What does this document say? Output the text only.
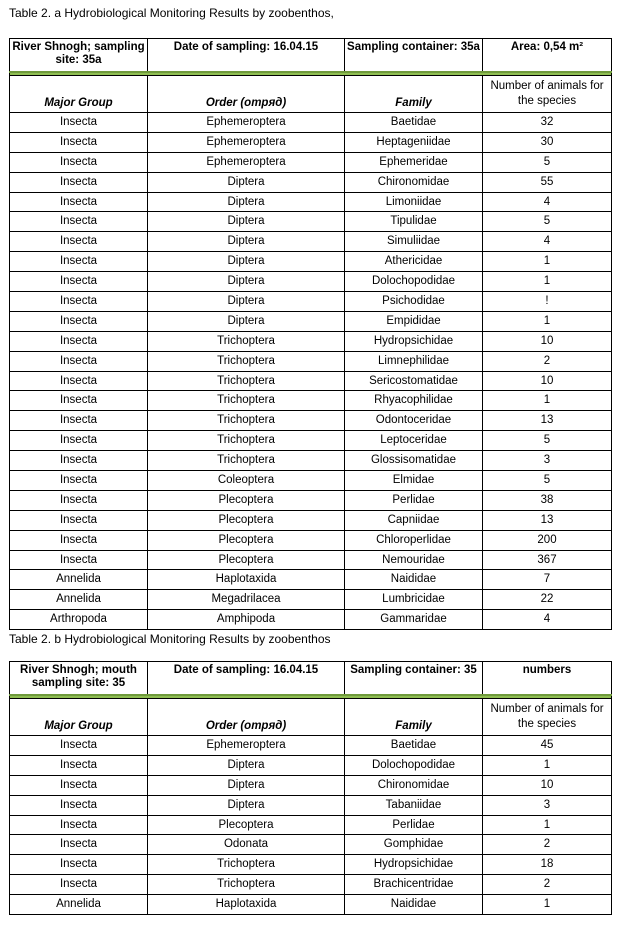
Table 2. a Hydrobiological Monitoring Results by zoobenthos,
River Shnogh; sampling site: 35a	Date of sampling: 16.04.15	Sampling container: 35a	Area: 0,54 m²

Major Group	Order (отряд)	Family	Number of animals for the species
Insecta	Ephemeroptera	Baetidae	32
Insecta	Ephemeroptera	Heptageniidae	30
Insecta	Ephemeroptera	Ephemeridae	5
Insecta	Diptera	Chironomidae	55
Insecta	Diptera	Limoniidae	4
Insecta	Diptera	Tipulidae	5
Insecta	Diptera	Simuliidae	4
Insecta	Diptera	Athericidae	1
Insecta	Diptera	Dolochopodidae	1
Insecta	Diptera	Psichodidae	!
Insecta	Diptera	Empididae	1
Insecta	Trichoptera	Hydropsichidae	10
Insecta	Trichoptera	Limnephilidae	2
Insecta	Trichoptera	Sericostomatidae	10
Insecta	Trichoptera	Rhyacophilidae	1
Insecta	Trichoptera	Odontoceridae	13
Insecta	Trichoptera	Leptoceridae	5
Insecta	Trichoptera	Glossisomatidae	3
Insecta	Coleoptera	Elmidae	5
Insecta	Plecoptera	Perlidae	38
Insecta	Plecoptera	Capniidae	13
Insecta	Plecoptera	Chloroperlidae	200
Insecta	Plecoptera	Nemouridae	367
Annelida	Haplotaxida	Naididae	7
Annelida	Megadrilacea	Lumbricidae	22
Arthropoda	Amphipoda	Gammaridae	4
Table 2. b Hydrobiological Monitoring Results by zoobenthos
River Shnogh; mouth sampling site: 35	Date of sampling: 16.04.15	Sampling container: 35	numbers

Major Group	Order (отряд)	Family	Number of animals for the species
Insecta	Ephemeroptera	Baetidae	45
Insecta	Diptera	Dolochopodidae	1
Insecta	Diptera	Chironomidae	10
Insecta	Diptera	Tabaniidae	3
Insecta	Plecoptera	Perlidae	1
Insecta	Odonata	Gomphidae	2
Insecta	Trichoptera	Hydropsichidae	18
Insecta	Trichoptera	Brachicentridae	2
Annelida	Haplotaxida	Naididae	1
